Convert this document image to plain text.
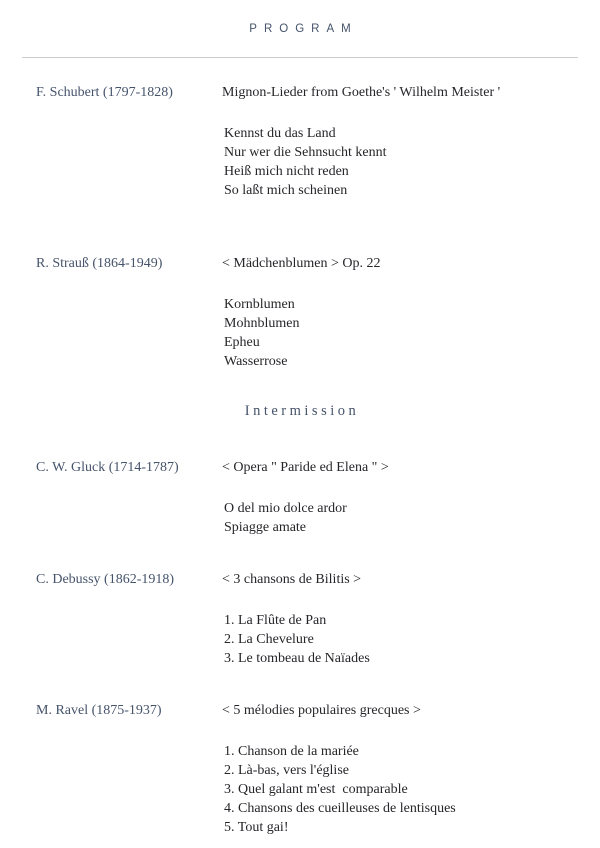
PROGRAM
F. Schubert (1797-1828)	Mignon-Lieder from Goethe's ' Wilhelm Meister '
Kennst du das Land
Nur wer die Sehnsucht kennt
Heiß mich nicht reden
So laßt mich scheinen
R. Strauß (1864-1949)	< Mädchenblumen > Op. 22
Kornblumen
Mohnblumen
Epheu
Wasserrose
Intermission
C. W. Gluck (1714-1787)	< Opera " Paride ed Elena " >
O del mio dolce ardor
Spiagge amate
C. Debussy (1862-1918)	< 3 chansons de Bilitis >
1. La Flûte de Pan
2. La Chevelure
3. Le tombeau de Naïades
M. Ravel (1875-1937)	< 5 mélodies populaires grecques >
1. Chanson de la mariée
2. Là-bas, vers l'église
3. Quel galant m'est  comparable
4. Chansons des cueilleuses de lentisques
5. Tout gai!
